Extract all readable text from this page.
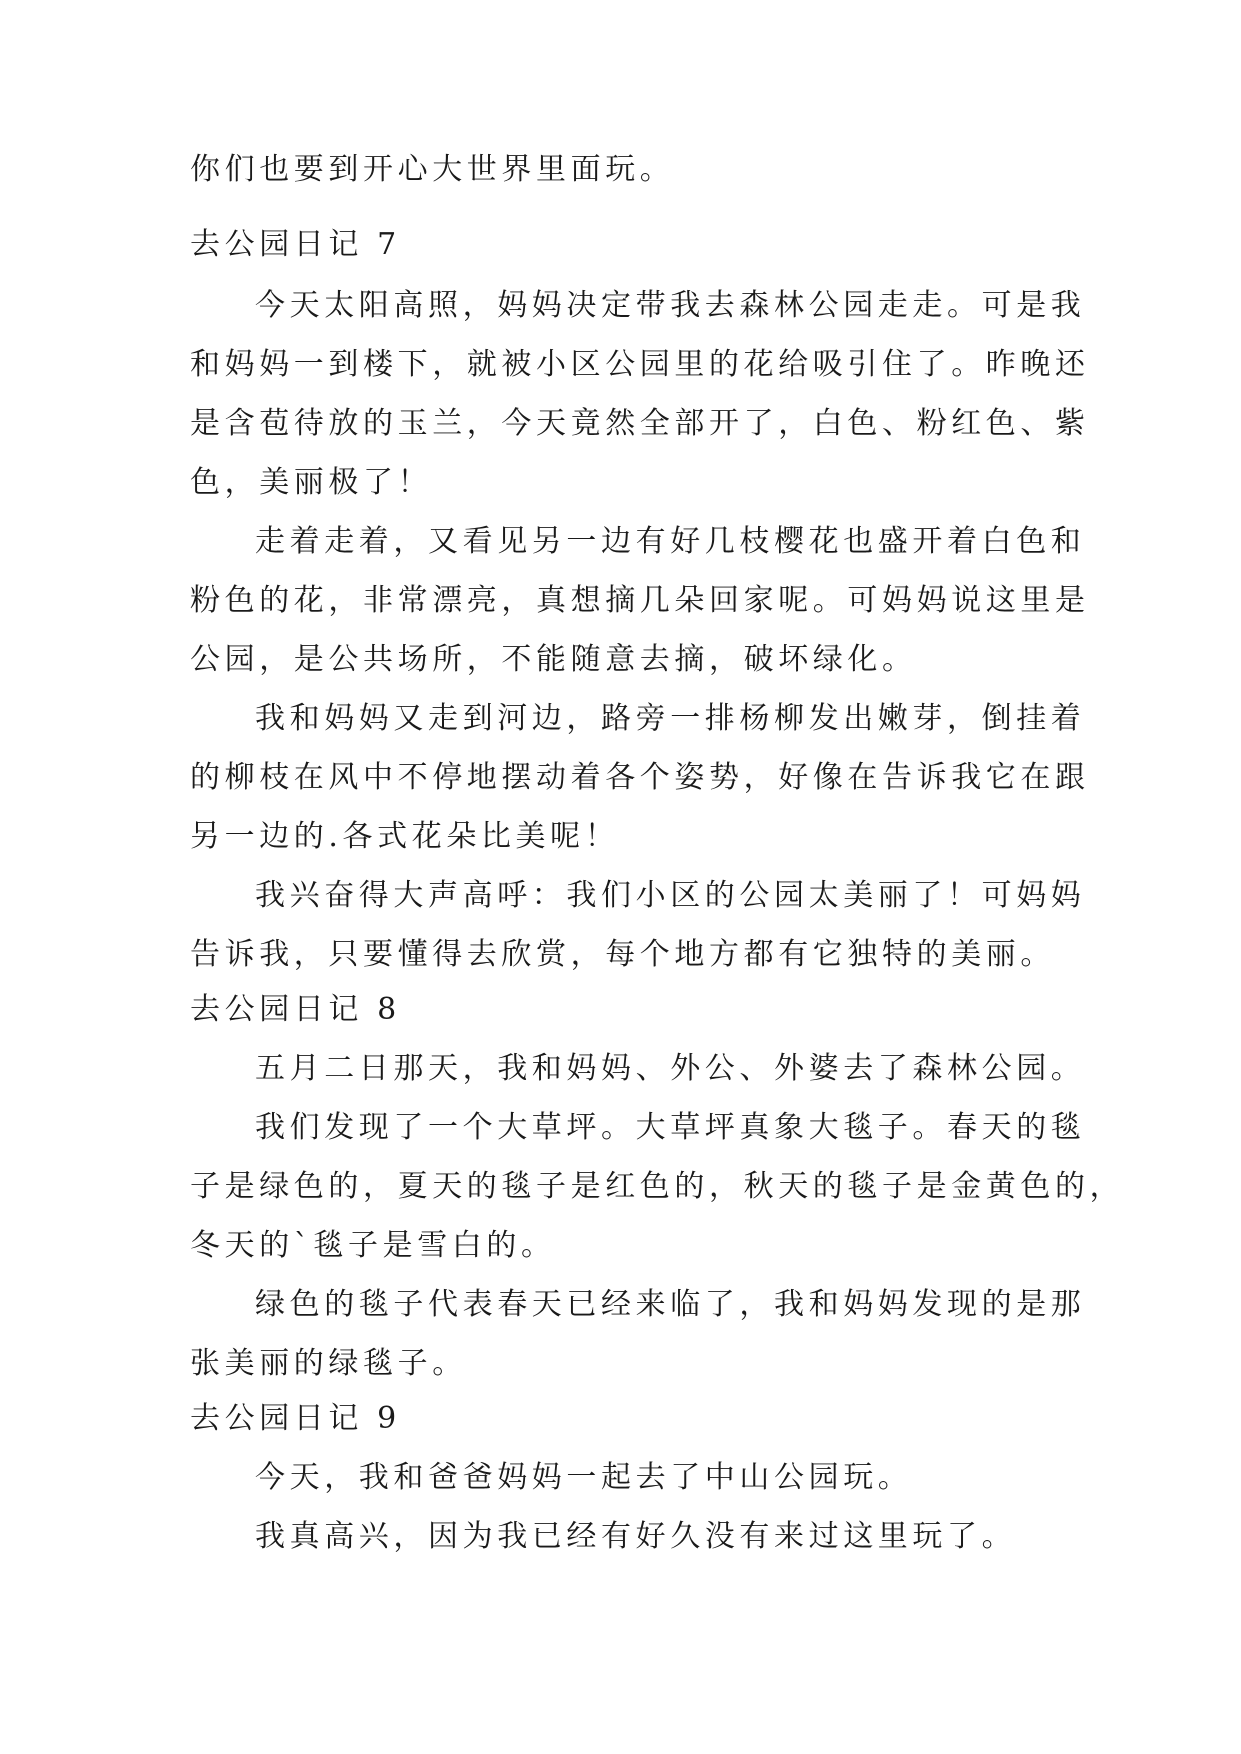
你们也要到开心大世界里面玩。
去公园日记 7
今天太阳高照，妈妈决定带我去森林公园走走。可是我
和妈妈一到楼下，就被小区公园里的花给吸引住了。昨晚还
是含苞待放的玉兰，今天竟然全部开了，白色、粉红色、紫
色，美丽极了！
走着走着，又看见另一边有好几枝樱花也盛开着白色和
粉色的花，非常漂亮，真想摘几朵回家呢。可妈妈说这里是
公园，是公共场所，不能随意去摘，破坏绿化。
我和妈妈又走到河边，路旁一排杨柳发出嫩芽，倒挂着
的柳枝在风中不停地摆动着各个姿势，好像在告诉我它在跟
另一边的.各式花朵比美呢！
我兴奋得大声高呼：我们小区的公园太美丽了！可妈妈
告诉我，只要懂得去欣赏，每个地方都有它独特的美丽。
去公园日记 8
五月二日那天，我和妈妈、外公、外婆去了森林公园。
我们发现了一个大草坪。大草坪真象大毯子。春天的毯
子是绿色的，夏天的毯子是红色的，秋天的毯子是金黄色的，
冬天的`毯子是雪白的。
绿色的毯子代表春天已经来临了，我和妈妈发现的是那
张美丽的绿毯子。
去公园日记 9
今天，我和爸爸妈妈一起去了中山公园玩。
我真高兴，因为我已经有好久没有来过这里玩了。
